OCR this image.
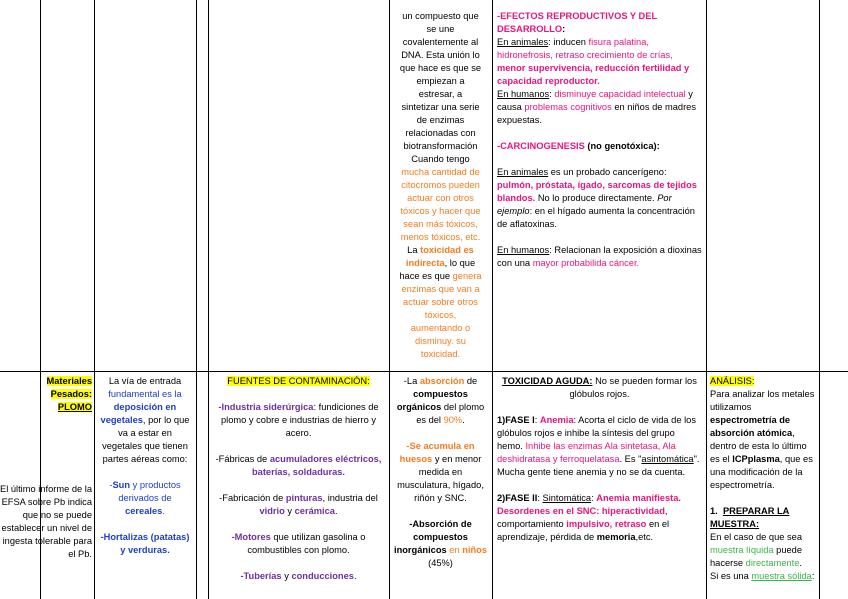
un compuesto que

se une

covalentemente al

DNA. Esta unión lo

que hace es que se

empiezan a

estresar, a

sintetizar una serie

de enzimas

relacionadas con

biotransformación

Cuando tengo

mucha cantidad de

citocromos pueden

actuar con otros

tóxicos y hacer que

sean más tóxicos,

menos tóxicos, etc.

La toxicidad es

indirecta, lo que

hace es que genera

enzimas que van a

actuar sobre otros

tóxicos,

aumentando o

disminuy. su

toxicidad.

-EFECTOS REPRODUCTIVOS Y DEL DESARROLLO:

En animales: inducen fisura palatina, hidronefrosis, retraso crecimiento de crías, menor supervivencia, reducción fertilidad y capacidad reproductor.

En humanos: disminuye capacidad intelectual y causa problemas cognitivos en niños de madres expuestas.

-CARCINOGENESIS (no genotóxica):

En animales es un probado cancerígeno: pulmón, próstata, ígado, sarcomas de tejidos blandos. No lo produce directamente. Por ejemplo: en el hígado aumenta la concentración de aflatoxinas.

En humanos: Relacionan la exposición a dioxinas con una mayor probabilida cáncer.

Materiales

Pesados:

PLOMO

El último informe de la EFSA sobre Pb indica que no se puede establecer un nivel de ingesta tolerable para el Pb.

La vía de entrada fundamental es la deposición en vegetales, por lo que va a estar en vegetales que tienen partes aéreas como:

-Sun y productos derivados de cereales.

-Hortalizas (patatas) y verduras.

FUENTES DE CONTAMINACIÓN:

-Industria siderúrgica: fundiciones de plomo y cobre e industrias de hierro y acero.

-Fábricas de acumuladores eléctricos, baterías, soldaduras.

-Fabricación de pinturas, industria del vidrio y cerámica.

-Motores que utilizan gasolina o combustibles con plomo.

-Tuberías y conducciones.

-La absorción de compuestos orgánicos del plomo es del 90%.

-Se acumula en huesos y en menor medida en musculatura, hígado, riñón y SNC.

-Absorción de compuestos inorgánicos en niños (45%)

TOXICIDAD AGUDA: No se pueden formar los glóbulos rojos.

1)FASE I: Anemia: Acorta el ciclo de vida de los glóbulos rojos e inhibe la síntesis del grupo hemo. Inhibe las enzimas Ala sintetasa, Ala deshidratasa y ferroquelatasa. Es "asintomática". Mucha gente tiene anemia y no se da cuenta.

2)FASE II: Sintomática: Anemia manifiesta. Desordenes en el SNC: hiperactividad, comportamiento impulsivo, retraso en el aprendizaje, pérdida de memoria,etc.

ANÁLISIS:

Para analizar los metales utilizamos espectrometría de absorción atómica, dentro de esta lo último es el ICPplasma, que es una modificación de la espectrometría.

1. PREPARAR LA MUESTRA:

En el caso de que sea muestra líquida puede hacerse directamente.

Si es una muestra sólida:
